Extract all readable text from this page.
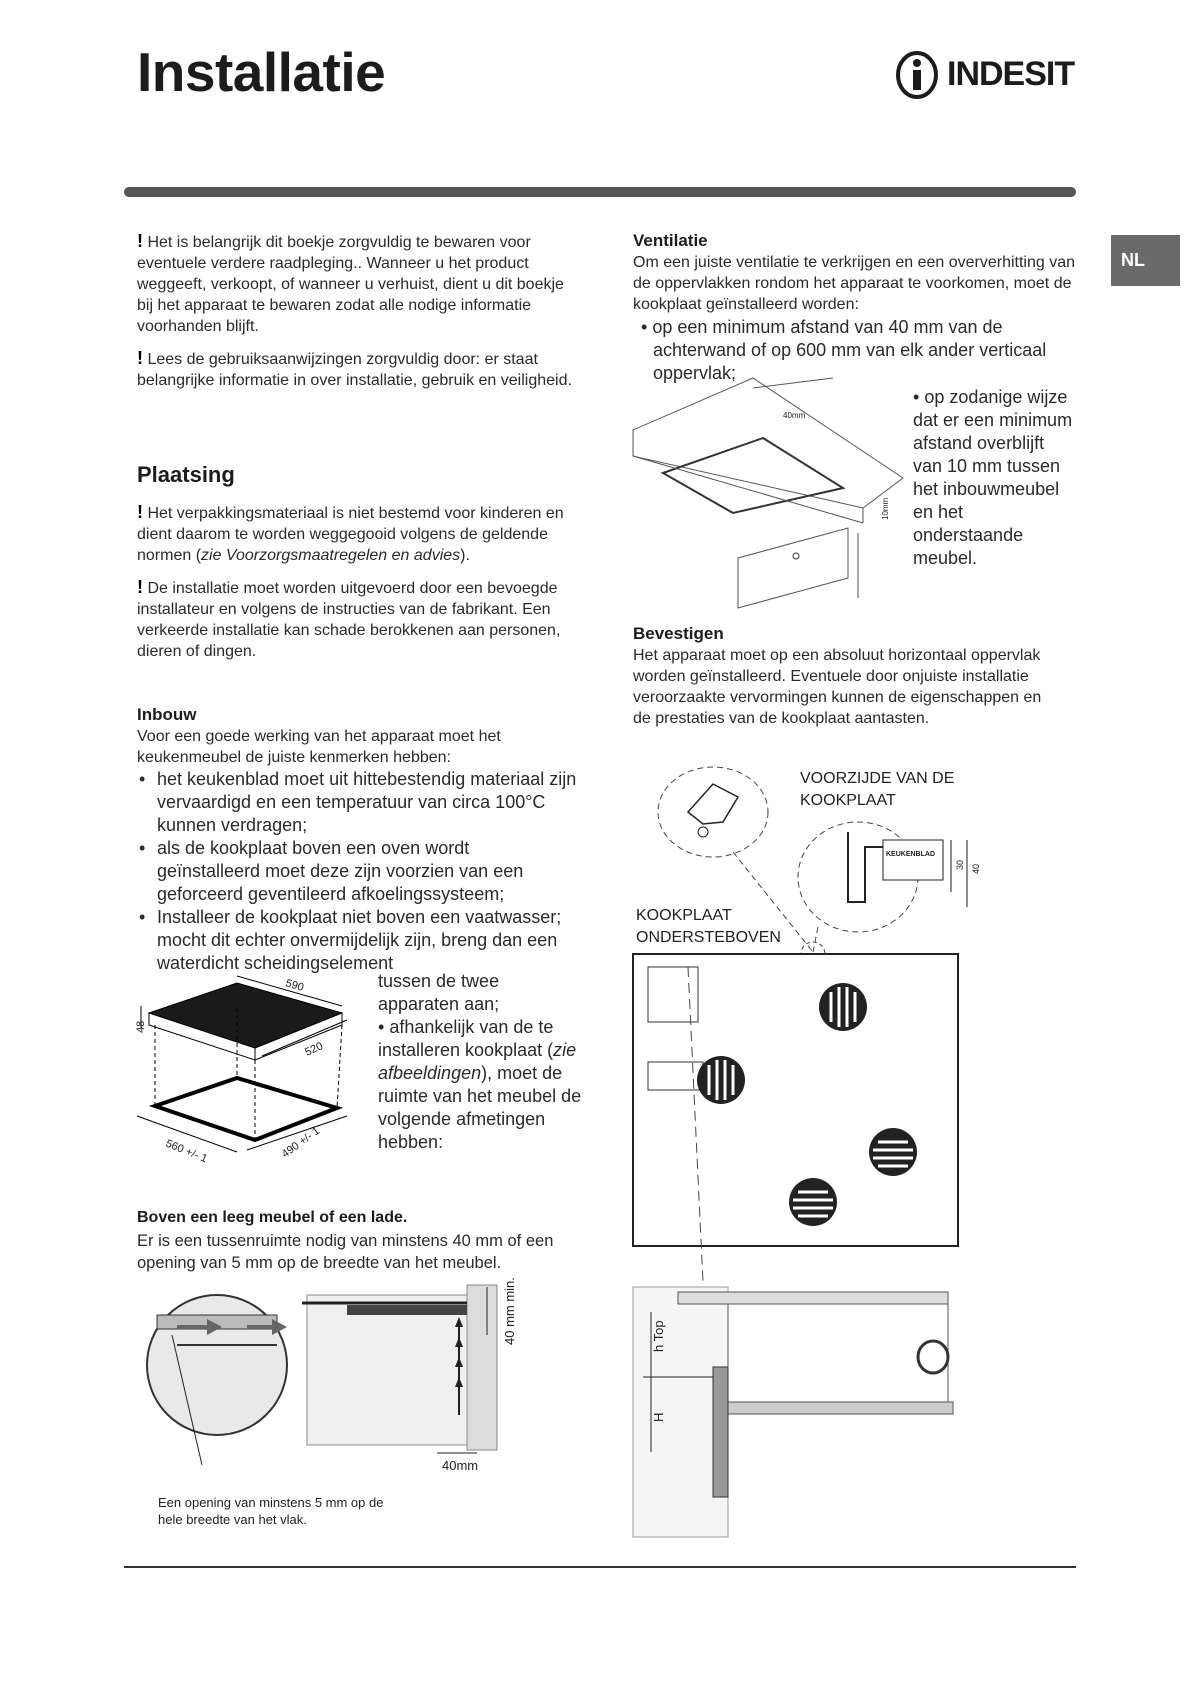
Installatie	INDESIT
NL

! Het is belangrijk dit boekje zorgvuldig te bewaren voor eventuele verdere raadpleging.. Wanneer u het product weggeeft, verkoopt, of wanneer u verhuist, dient u dit boekje bij het apparaat te bewaren zodat alle nodige informatie voorhanden blijft.

! Lees de gebruiksaanwijzingen zorgvuldig door: er staat belangrijke informatie in over installatie, gebruik en veiligheid.

Plaatsing

! Het verpakkingsmateriaal is niet bestemd voor kinderen en dient daarom te worden weggegooid volgens de geldende normen (zie Voorzorgsmaatregelen en advies).

! De installatie moet worden uitgevoerd door een bevoegde installateur en volgens de instructies van de fabrikant. Een verkeerde installatie kan schade berokkenen aan personen, dieren of dingen.

Inbouw
Voor een goede werking van het apparaat moet het keukenmeubel de juiste kenmerken hebben:
• het keukenblad moet uit hittebestendig materiaal zijn vervaardigd en een temperatuur van circa 100°C kunnen verdragen;
• als de kookplaat boven een oven wordt geïnstalleerd moet deze zijn voorzien van een geforceerd geventileerd afkoelingssysteem;
• Installeer de kookplaat niet boven een vaatwasser; mocht dit echter onvermijdelijk zijn, breng dan een waterdicht scheidingselement
590
520
48
560 +/- 1	490 +/- 1
tussen de twee apparaten aan;
• afhankelijk van de te installeren kookplaat (zie afbeeldingen), moet de ruimte van het meubel de volgende afmetingen hebben:
Boven een leeg meubel of een lade.
Er is een tussenruimte nodig van minstens 40 mm of een opening van 5 mm op de breedte van het meubel.
40 mm min.
40mm
Een opening van minstens 5 mm op de hele breedte van het vlak.
Ventilatie
Om een juiste ventilatie te verkrijgen en een oververhitting van de oppervlakken rondom het apparaat te voorkomen, moet de kookplaat geïnstalleerd worden:
• op een minimum afstand van 40 mm van de achterwand of op 600 mm van elk ander verticaal oppervlak;
• op zodanige wijze dat er een minimum afstand overblijft van 10 mm tussen het inbouwmeubel en het onderstaande meubel.
40mm
10mm
Bevestigen
Het apparaat moet op een absoluut horizontaal oppervlak worden geïnstalleerd. Eventuele door onjuiste installatie veroorzaakte vervormingen kunnen de eigenschappen en de prestaties van de kookplaat aantasten.
VOORZIJDE VAN DE KOOKPLAAT
KOOKPLAAT ONDERSTEBOVEN
KEUKENBLAD
30 40
h Top
H
